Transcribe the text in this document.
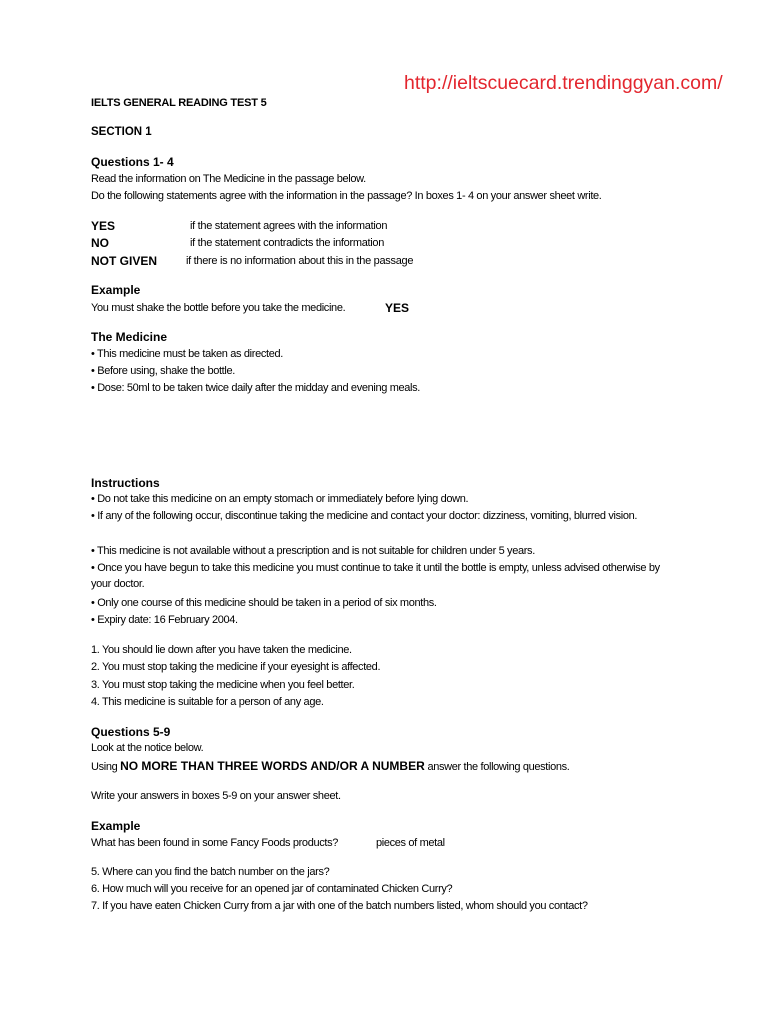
http://ieltscuecard.trendinggyan.com/
IELTS GENERAL READING TEST 5
SECTION 1
Questions 1- 4
Read the information on The Medicine in the passage below.
Do the following statements agree with the information in the passage? In boxes 1- 4 on your answer sheet write.
YES	if the statement agrees with the information
NO	if the statement contradicts the information
NOT GIVEN	if there is no information about this in the passage
Example
You must shake the bottle before you take the medicine.	YES
The Medicine
• This medicine must be taken as directed.
• Before using, shake the bottle.
• Dose: 50ml to be taken twice daily after the midday and evening meals.
Instructions
• Do not take this medicine on an empty stomach or immediately before lying down.
• If any of the following occur, discontinue taking the medicine and contact your doctor: dizziness, vomiting, blurred vision.
• This medicine is not available without a prescription and is not suitable for children under 5 years.
• Once you have begun to take this medicine you must continue to take it until the bottle is empty, unless advised otherwise by your doctor.
• Only one course of this medicine should be taken in a period of six months.
• Expiry date: 16 February 2004.
1. You should lie down after you have taken the medicine.
2. You must stop taking the medicine if your eyesight is affected.
3. You must stop taking the medicine when you feel better.
4. This medicine is suitable for a person of any age.
Questions 5-9
Look at the notice below.
Using NO MORE THAN THREE WORDS AND/OR A NUMBER answer the following questions.
Write your answers in boxes 5-9 on your answer sheet.
Example
What has been found in some Fancy Foods products?	pieces of metal
5. Where can you find the batch number on the jars?
6. How much will you receive for an opened jar of contaminated Chicken Curry?
7. If you have eaten Chicken Curry from a jar with one of the batch numbers listed, whom should you contact?
